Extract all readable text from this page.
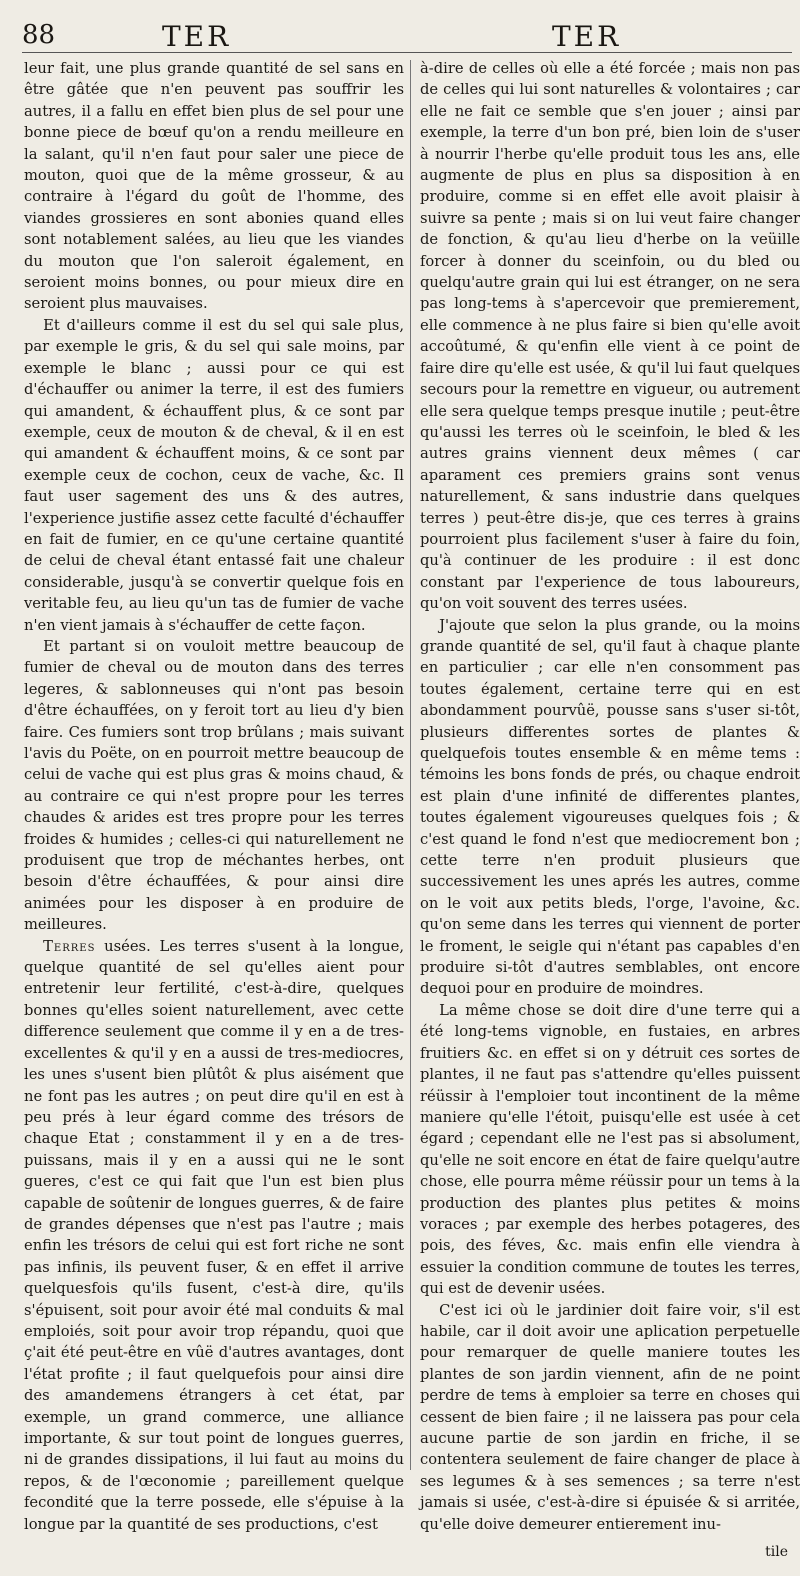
88	TER	TER

leur fait, une plus grande quantité de sel sans en être gâtée que n'en peuvent pas souffrir les autres, il a fallu en effet bien plus de sel pour une bonne piece de bœuf qu'on a rendu meilleure en la salant, qu'il n'en faut pour saler une piece de mouton, quoi que de la même grosseur, & au contraire à l'égard du goût de l'homme, des viandes grossieres en sont abonies quand elles sont notablement salées, au lieu que les viandes du mouton que l'on saleroit également, en seroient moins bonnes, ou pour mieux dire en seroient plus mauvaises.

Et d'ailleurs comme il est du sel qui sale plus, par exemple le gris, & du sel qui sale moins, par exemple le blanc ; aussi pour ce qui est d'échauffer ou animer la terre, il est des fumiers qui amandent, & échauffent plus, & ce sont par exemple, ceux de mouton & de cheval, & il en est qui amandent & échauffent moins, & ce sont par exemple ceux de cochon, ceux de vache, &c. Il faut user sagement des uns & des autres, l'experience justifie assez cette faculté d'échauffer en fait de fumier, en ce qu'une certaine quantité de celui de cheval étant entassé fait une chaleur considerable, jusqu'à se convertir quelque fois en veritable feu, au lieu qu'un tas de fumier de vache n'en vient jamais à s'échauffer de cette façon.

Et partant si on vouloit mettre beaucoup de fumier de cheval ou de mouton dans des terres legeres, & sablonneuses qui n'ont pas besoin d'être échauffées, on y feroit tort au lieu d'y bien faire. Ces fumiers sont trop brûlans ; mais suivant l'avis du Poëte, on en pourroit mettre beaucoup de celui de vache qui est plus gras & moins chaud, & au contraire ce qui n'est propre pour les terres chaudes & arides est tres propre pour les terres froides & humides ; celles-ci qui naturellement ne produisent que trop de méchantes herbes, ont besoin d'être échauffées, & pour ainsi dire animées pour les disposer à en produire de meilleures.

Terres usées. Les terres s'usent à la longue, quelque quantité de sel qu'elles aient pour entretenir leur fertilité, c'est-à-dire, quelques bonnes qu'elles soient naturellement, avec cette difference seulement que comme il y en a de tres-excellentes & qu'il y en a aussi de tres-mediocres, les unes s'usent bien plûtôt & plus aisément que ne font pas les autres ; on peut dire qu'il en est à peu prés à leur égard comme des trésors de chaque Etat ; constamment il y en a de tres-puissans, mais il y en a aussi qui ne le sont gueres, c'est ce qui fait que l'un est bien plus capable de soûtenir de longues guerres, & de faire de grandes dépenses que n'est pas l'autre ; mais enfin les trésors de celui qui est fort riche ne sont pas infinis, ils peuvent fuser, & en effet il arrive quelquesfois qu'ils fusent, c'est-à dire, qu'ils s'épuisent, soit pour avoir été mal conduits & mal emploiés, soit pour avoir trop répandu, quoi que ç'ait été peut-être en vûë d'autres avantages, dont l'état profite ; il faut quelquefois pour ainsi dire des amandemens étrangers à cet état, par exemple, un grand commerce, une alliance importante, & sur tout point de longues guerres, ni de grandes dissipations, il lui faut au moins du repos, & de l'œconomie ; pareillement quelque fecondité que la terre possede, elle s'épuise à la longue par la quantité de ses productions, c'est

à-dire de celles où elle a été forcée ; mais non pas de celles qui lui sont naturelles & volontaires ; car elle ne fait ce semble que s'en jouer ; ainsi par exemple, la terre d'un bon pré, bien loin de s'user à nourrir l'herbe qu'elle produit tous les ans, elle augmente de plus en plus sa disposition à en produire, comme si en effet elle avoit plaisir à suivre sa pente ; mais si on lui veut faire changer de fonction, & qu'au lieu d'herbe on la veüille forcer à donner du sceinfoin, ou du bled ou quelqu'autre grain qui lui est étranger, on ne sera pas long-tems à s'apercevoir que premierement, elle commence à ne plus faire si bien qu'elle avoit accoûtumé, & qu'enfin elle vient à ce point de faire dire qu'elle est usée, & qu'il lui faut quelques secours pour la remettre en vigueur, ou autrement elle sera quelque temps presque inutile ; peut-être qu'aussi les terres où le sceinfoin, le bled & les autres grains viennent deux mêmes ( car aparament ces premiers grains sont venus naturellement, & sans industrie dans quelques terres ) peut-être dis-je, que ces terres à grains pourroient plus facilement s'user à faire du foin, qu'à continuer de les produire : il est donc constant par l'experience de tous laboureurs, qu'on voit souvent des terres usées.

J'ajoute que selon la plus grande, ou la moins grande quantité de sel, qu'il faut à chaque plante en particulier ; car elle n'en consomment pas toutes également, certaine terre qui en est abondamment pourvûë, pousse sans s'user si-tôt, plusieurs differentes sortes de plantes & quelquefois toutes ensemble & en même tems : témoins les bons fonds de prés, ou chaque endroit est plain d'une infinité de differentes plantes, toutes également vigoureuses quelques fois ; & c'est quand le fond n'est que mediocrement bon ; cette terre n'en produit plusieurs que successivement les unes aprés les autres, comme on le voit aux petits bleds, l'orge, l'avoine, &c. qu'on seme dans les terres qui viennent de porter le froment, le seigle qui n'étant pas capables d'en produire si-tôt d'autres semblables, ont encore dequoi pour en produire de moindres.

La même chose se doit dire d'une terre qui a été long-tems vignoble, en fustaies, en arbres fruitiers &c. en effet si on y détruit ces sortes de plantes, il ne faut pas s'attendre qu'elles puissent réüssir à l'emploier tout incontinent de la même maniere qu'elle l'étoit, puisqu'elle est usée à cet égard ; cependant elle ne l'est pas si absolument, qu'elle ne soit encore en état de faire quelqu'autre chose, elle pourra même réüssir pour un tems à la production des plantes plus petites & moins voraces ; par exemple des herbes potageres, des pois, des féves, &c. mais enfin elle viendra à essuier la condition commune de toutes les terres, qui est de devenir usées.

C'est ici où le jardinier doit faire voir, s'il est habile, car il doit avoir une aplication perpetuelle pour remarquer de quelle maniere toutes les plantes de son jardin viennent, afin de ne point perdre de tems à emploier sa terre en choses qui cessent de bien faire ; il ne laissera pas pour cela aucune partie de son jardin en friche, il se contentera seulement de faire changer de place à ses legumes & à ses semences ; sa terre n'est jamais si usée, c'est-à-dire si épuisée & si arritée, qu'elle doive demeurer entierement inu-

tile
